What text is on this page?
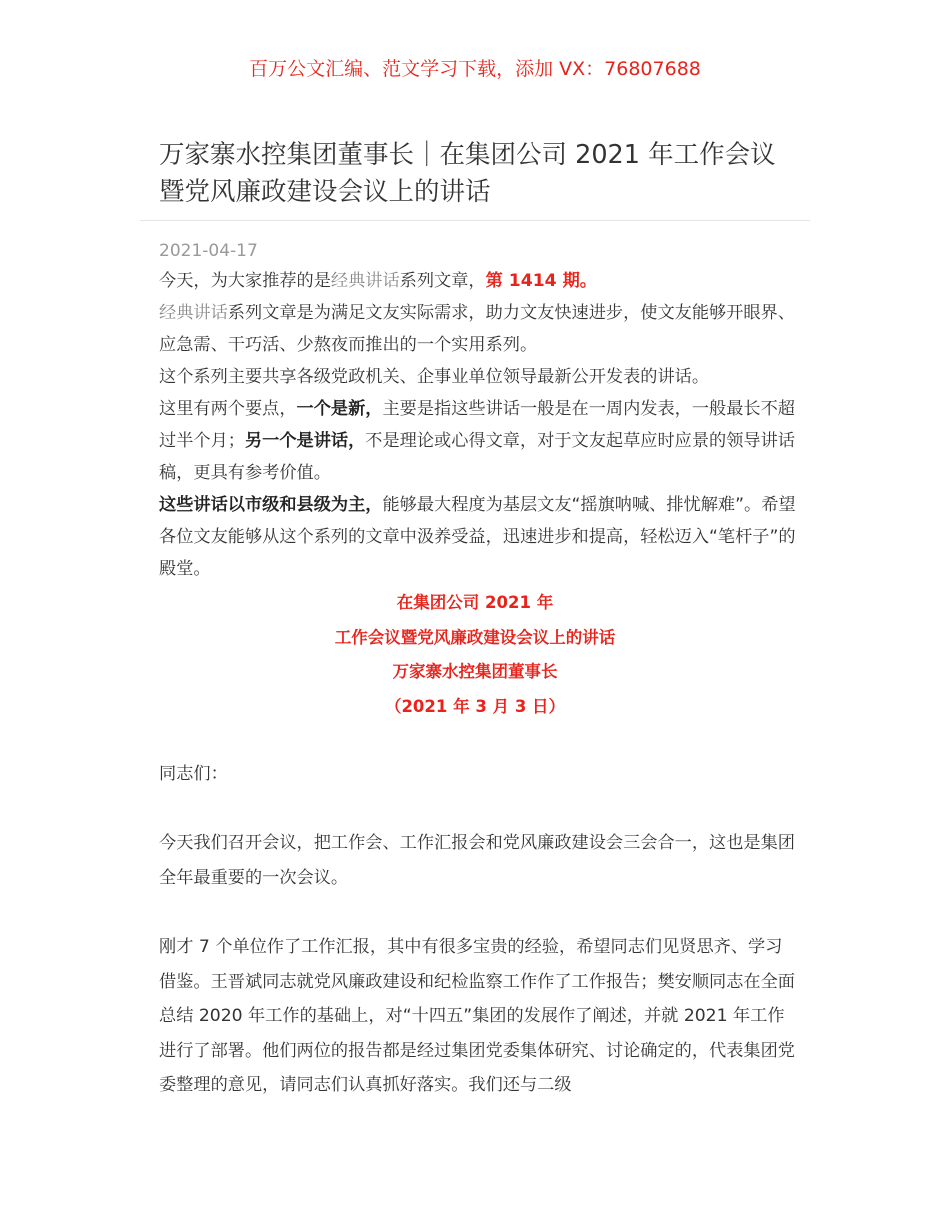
百万公文汇编、范文学习下载，添加 VX：76807688
万家寨水控集团董事长｜在集团公司 2021 年工作会议暨党风廉政建设会议上的讲话
2021-04-17

今天，为大家推荐的是经典讲话系列文章，第 1414 期。

经典讲话系列文章是为满足文友实际需求，助力文友快速进步，使文友能够开眼界、应急需、干巧活、少熬夜而推出的一个实用系列。

这个系列主要共享各级党政机关、企事业单位领导最新公开发表的讲话。

这里有两个要点，一个是新，主要是指这些讲话一般是在一周内发表，一般最长不超过半个月；另一个是讲话，不是理论或心得文章，对于文友起草应时应景的领导讲话稿，更具有参考价值。

这些讲话以市级和县级为主，能够最大程度为基层文友“摇旗呐喊、排忧解难”。希望各位文友能够从这个系列的文章中汲养受益，迅速进步和提高，轻松迈入“笔杆子”的殿堂。

在集团公司 2021 年
工作会议暨党风廉政建设会议上的讲话
万家寨水控集团董事长
（2021 年 3 月 3 日）

同志们：

今天我们召开会议，把工作会、工作汇报会和党风廉政建设会三会合一，这也是集团全年最重要的一次会议。

刚才 7 个单位作了工作汇报，其中有很多宝贵的经验，希望同志们见贤思齐、学习借鉴。王晋斌同志就党风廉政建设和纪检监察工作作了工作报告；樊安顺同志在全面总结 2020 年工作的基础上，对“十四五”集团的发展作了阐述，并就 2021 年工作进行了部署。他们两位的报告都是经过集团党委集体研究、讨论确定的，代表集团党委整理的意见，请同志们认真抓好落实。我们还与二级
